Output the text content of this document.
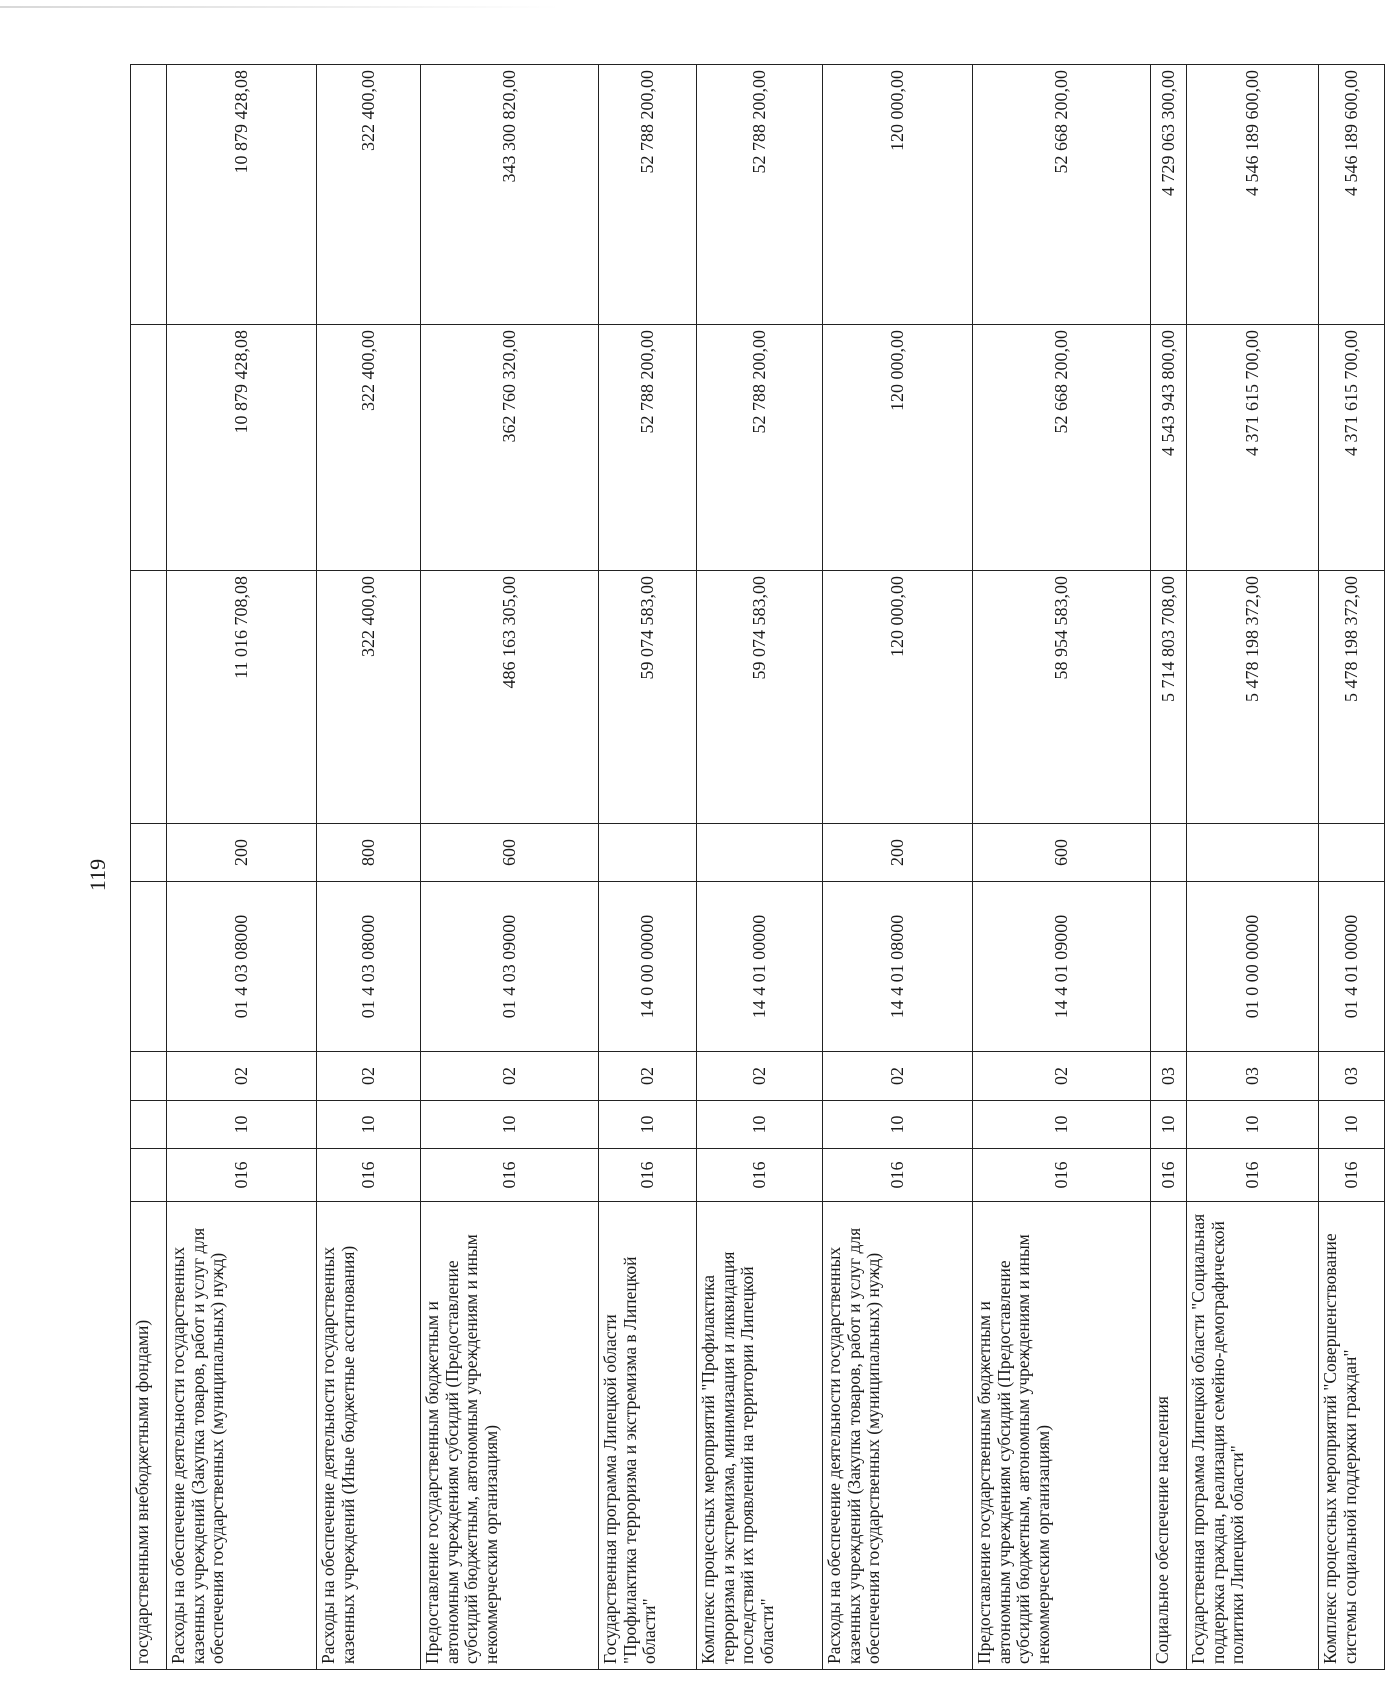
119
государственными внебюджетными фондами)								
Расходы на обеспечение деятельности государственных казенных учреждений (Закупка товаров, работ и услуг для обеспечения государственных (муниципальных) нужд)	016	10	02	01 4 03 08000	200	11 016 708,08	10 879 428,08	10 879 428,08
Расходы на обеспечение деятельности государственных казенных учреждений (Иные бюджетные ассигнования)	016	10	02	01 4 03 08000	800	322 400,00	322 400,00	322 400,00
Предоставление государственным бюджетным и автономным учреждениям субсидий (Предоставление субсидий бюджетным, автономным учреждениям и иным некоммерческим организациям)	016	10	02	01 4 03 09000	600	486 163 305,00	362 760 320,00	343 300 820,00
Государственная программа Липецкой области "Профилактика терроризма и экстремизма в Липецкой области"	016	10	02	14 0 00 00000		59 074 583,00	52 788 200,00	52 788 200,00
Комплекс процессных мероприятий "Профилактика терроризма и экстремизма, минимизация и ликвидация последствий их проявлений на территории Липецкой области"	016	10	02	14 4 01 00000		59 074 583,00	52 788 200,00	52 788 200,00
Расходы на обеспечение деятельности государственных казенных учреждений (Закупка товаров, работ и услуг для обеспечения государственных (муниципальных) нужд)	016	10	02	14 4 01 08000	200	120 000,00	120 000,00	120 000,00
Предоставление государственным бюджетным и автономным учреждениям субсидий (Предоставление субсидий бюджетным, автономным учреждениям и иным некоммерческим организациям)	016	10	02	14 4 01 09000	600	58 954 583,00	52 668 200,00	52 668 200,00
Социальное обеспечение населения	016	10	03			5 714 803 708,00	4 543 943 800,00	4 729 063 300,00
Государственная программа Липецкой области "Социальная поддержка граждан, реализация семейно-демографической политики Липецкой области"	016	10	03	01 0 00 00000		5 478 198 372,00	4 371 615 700,00	4 546 189 600,00
Комплекс процессных мероприятий "Совершенствование системы социальной поддержки граждан"	016	10	03	01 4 01 00000		5 478 198 372,00	4 371 615 700,00	4 546 189 600,00
